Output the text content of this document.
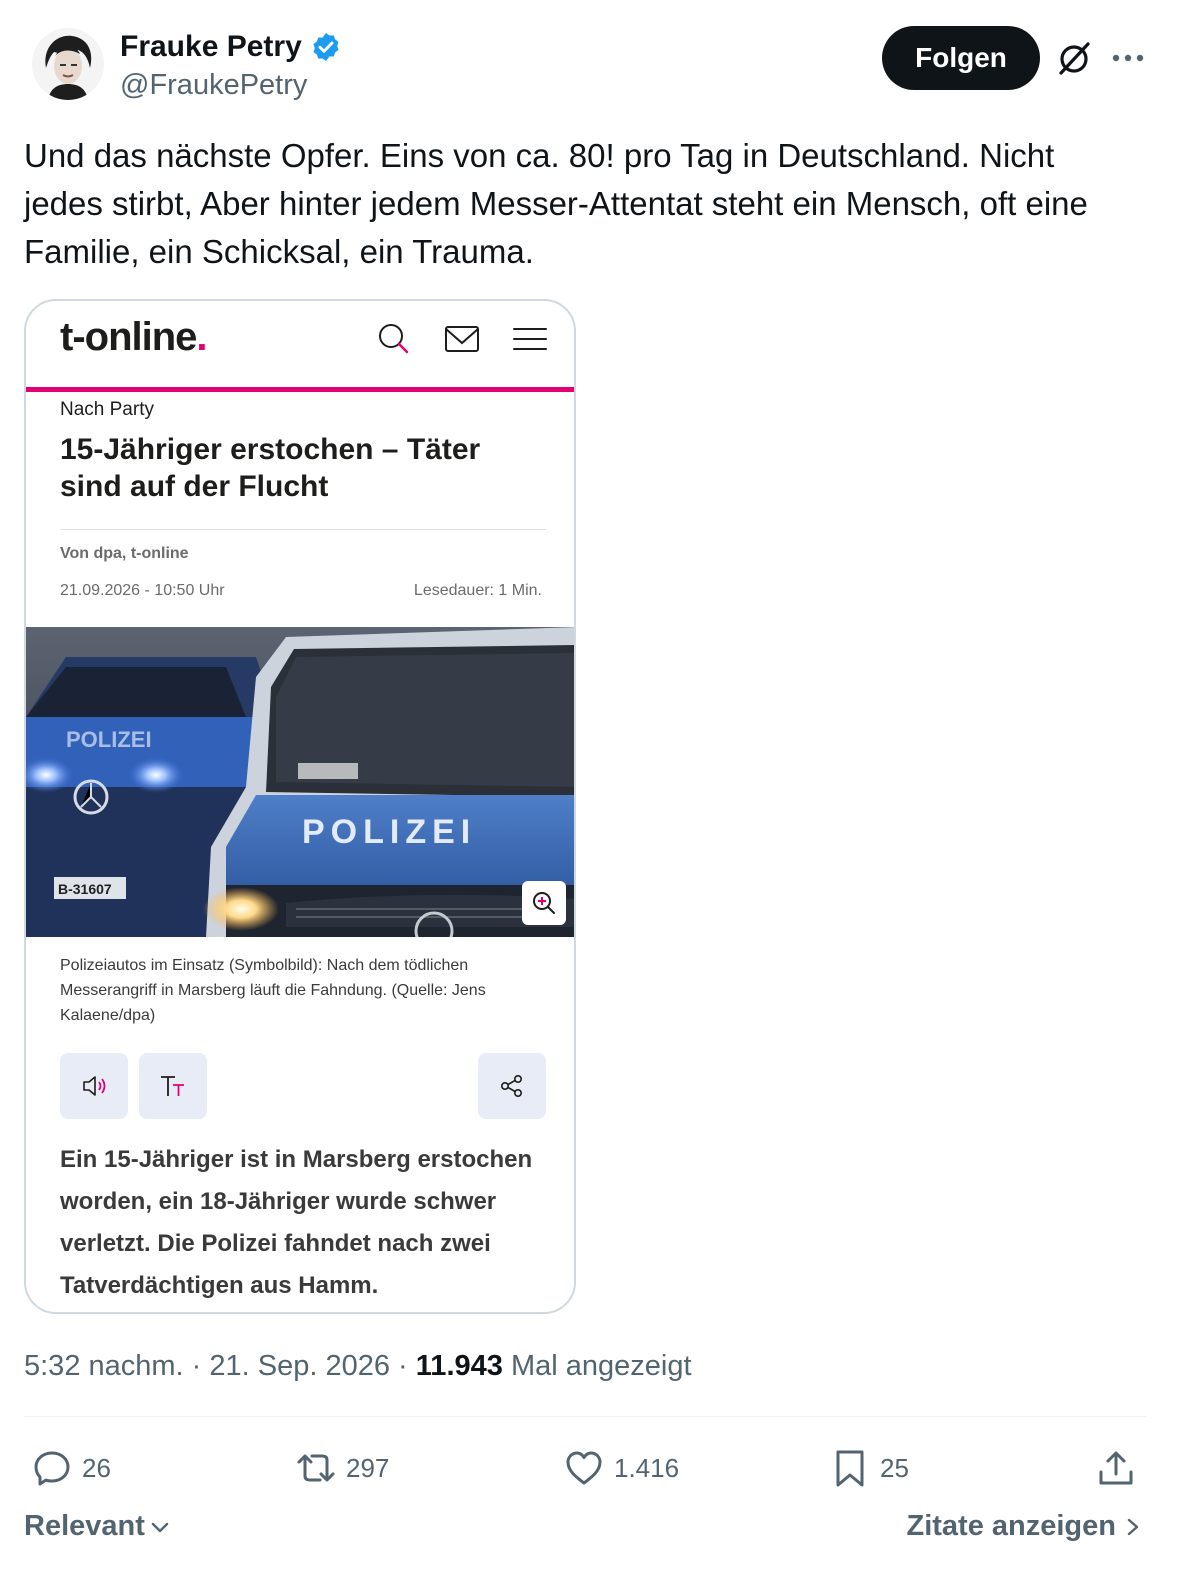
Frauke Petry
@FraukePetry
Folgen
Und das nächste Opfer. Eins von ca. 80! pro Tag in Deutschland. Nicht jedes stirbt, Aber hinter jedem Messer-Attentat steht ein Mensch, oft eine Familie, ein Schicksal, ein Trauma.
t-online.
Nach Party
15-Jähriger erstochen – Täter sind auf der Flucht
Von dpa, t-online
21.09.2026 - 10:50 Uhr	Lesedauer: 1 Min.
POLIZEI
B-31607
POLIZEI
Polizeiautos im Einsatz (Symbolbild): Nach dem tödlichen Messerangriff in Marsberg läuft die Fahndung. (Quelle: Jens Kalaene/dpa)
Ein 15-Jähriger ist in Marsberg erstochen worden, ein 18-Jähriger wurde schwer verletzt. Die Polizei fahndet nach zwei Tatverdächtigen aus Hamm.
5:32 nachm. · 21. Sep. 2026 · 11.943 Mal angezeigt
26	297	1.416	25
Relevant	Zitate anzeigen
